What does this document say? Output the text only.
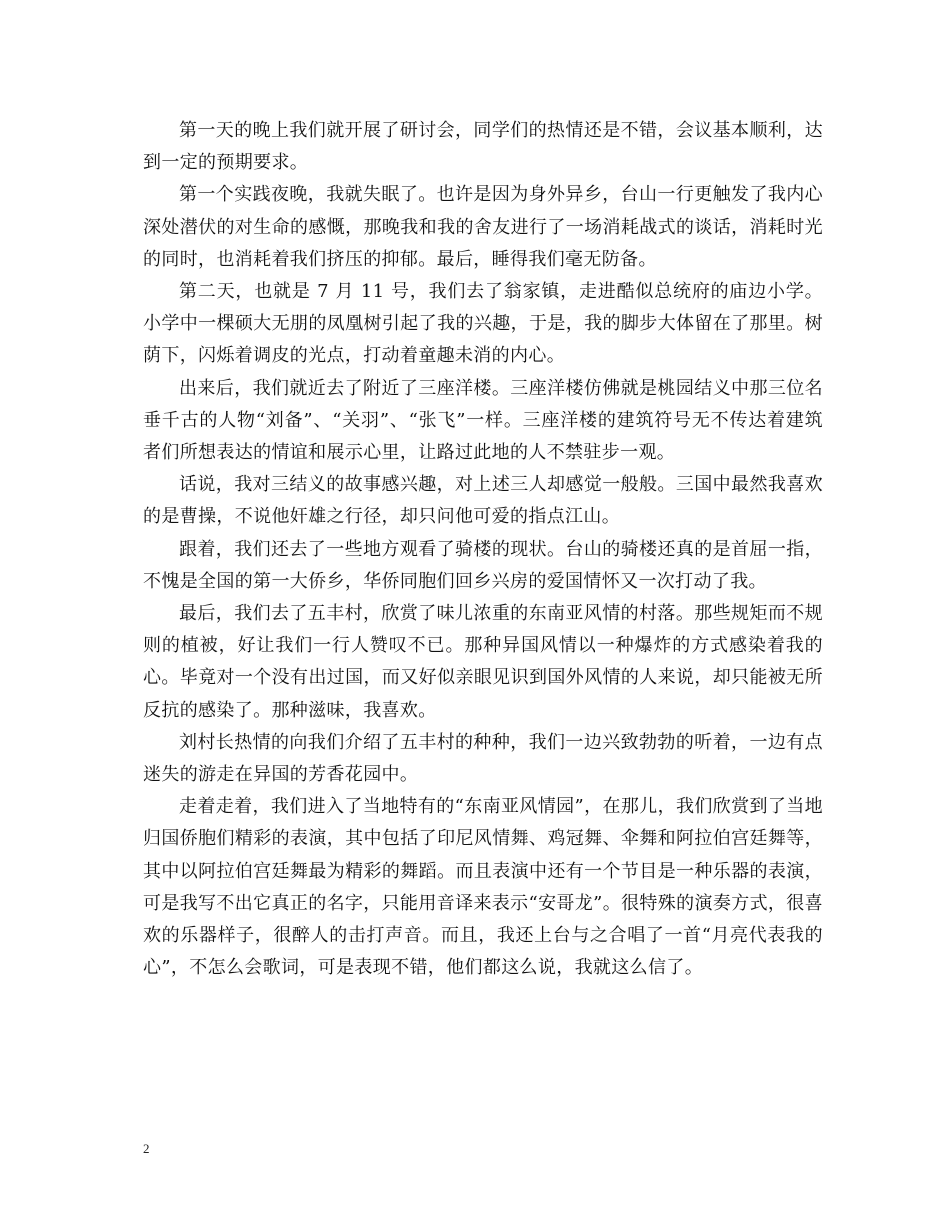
第一天的晚上我们就开展了研讨会，同学们的热情还是不错，会议基本顺利，达到一定的预期要求。

第一个实践夜晚，我就失眠了。也许是因为身外异乡，台山一行更触发了我内心深处潜伏的对生命的感慨，那晚我和我的舍友进行了一场消耗战式的谈话，消耗时光的同时，也消耗着我们挤压的抑郁。最后，睡得我们毫无防备。

第二天，也就是 7 月 11 号，我们去了翁家镇，走进酷似总统府的庙边小学。小学中一棵硕大无朋的凤凰树引起了我的兴趣，于是，我的脚步大体留在了那里。树荫下，闪烁着调皮的光点，打动着童趣未消的内心。

出来后，我们就近去了附近了三座洋楼。三座洋楼仿佛就是桃园结义中那三位名垂千古的人物“刘备”、“关羽”、“张飞”一样。三座洋楼的建筑符号无不传达着建筑者们所想表达的情谊和展示心里，让路过此地的人不禁驻步一观。

话说，我对三结义的故事感兴趣，对上述三人却感觉一般般。三国中最然我喜欢的是曹操，不说他奸雄之行径，却只问他可爱的指点江山。

跟着，我们还去了一些地方观看了骑楼的现状。台山的骑楼还真的是首屈一指，不愧是全国的第一大侨乡，华侨同胞们回乡兴房的爱国情怀又一次打动了我。

最后，我们去了五丰村，欣赏了味儿浓重的东南亚风情的村落。那些规矩而不规则的植被，好让我们一行人赞叹不已。那种异国风情以一种爆炸的方式感染着我的心。毕竟对一个没有出过国，而又好似亲眼见识到国外风情的人来说，却只能被无所反抗的感染了。那种滋味，我喜欢。

刘村长热情的向我们介绍了五丰村的种种，我们一边兴致勃勃的听着，一边有点迷失的游走在异国的芳香花园中。

走着走着，我们进入了当地特有的“东南亚风情园”，在那儿，我们欣赏到了当地归国侨胞们精彩的表演，其中包括了印尼风情舞、鸡冠舞、伞舞和阿拉伯宫廷舞等，其中以阿拉伯宫廷舞最为精彩的舞蹈。而且表演中还有一个节目是一种乐器的表演，可是我写不出它真正的名字，只能用音译来表示“安哥龙”。很特殊的演奏方式，很喜欢的乐器样子，很醉人的击打声音。而且，我还上台与之合唱了一首“月亮代表我的心”，不怎么会歌词，可是表现不错，他们都这么说，我就这么信了。

2
